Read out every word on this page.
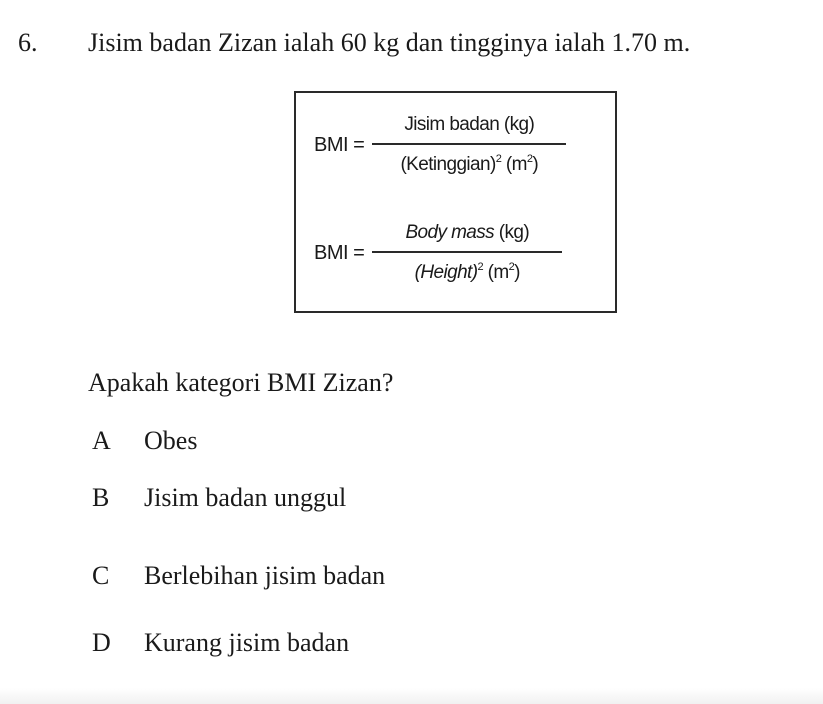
6. Jisim badan Zizan ialah 60 kg dan tingginya ialah 1.70 m.
BMI = $\frac{\text{Jisim badan (kg)}}{(Ketinggian)^2 (m^2)}$
BMI = $\frac{\text{Body mass (kg)}}{(Height)^2 (m^2)}$
Apakah kategori BMI Zizan?
A Obes
B Jisim badan unggul
C Berlebihan jisim badan
D Kurang jisim badan
